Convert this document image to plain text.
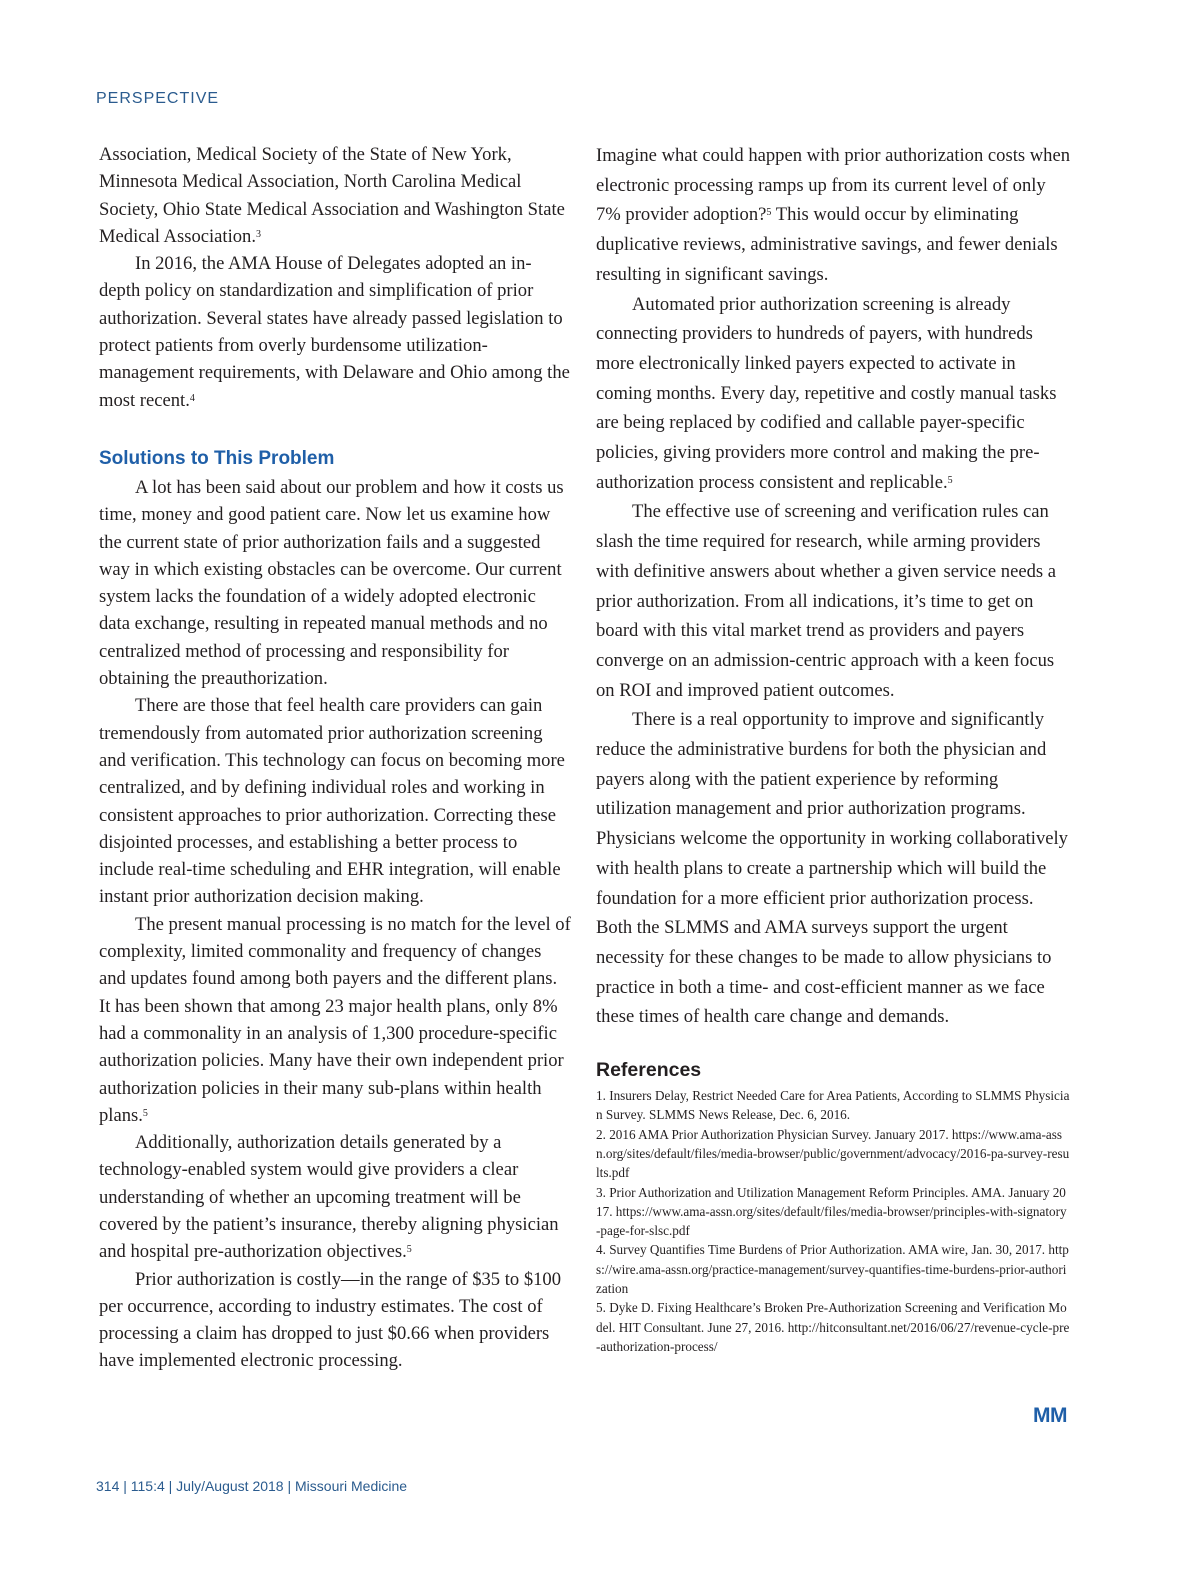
PERSPECTIVE

Association, Medical Society of the State of New York, Minnesota Medical Association, North Carolina Medical Society, Ohio State Medical Association and Washington State Medical Association.$^3$

In 2016, the AMA House of Delegates adopted an in-depth policy on standardization and simplification of prior authorization. Several states have already passed legislation to protect patients from overly burdensome utilization-management requirements, with Delaware and Ohio among the most recent.$^4$

Solutions to This Problem

A lot has been said about our problem and how it costs us time, money and good patient care. Now let us examine how the current state of prior authorization fails and a suggested way in which existing obstacles can be overcome. Our current system lacks the foundation of a widely adopted electronic data exchange, resulting in repeated manual methods and no centralized method of processing and responsibility for obtaining the preauthorization.

There are those that feel health care providers can gain tremendously from automated prior authorization screening and verification. This technology can focus on becoming more centralized, and by defining individual roles and working in consistent approaches to prior authorization. Correcting these disjointed processes, and establishing a better process to include real-time scheduling and EHR integration, will enable instant prior authorization decision making.

The present manual processing is no match for the level of complexity, limited commonality and frequency of changes and updates found among both payers and the different plans. It has been shown that among 23 major health plans, only 8% had a commonality in an analysis of 1,300 procedure-specific authorization policies. Many have their own independent prior authorization policies in their many sub-plans within health plans.$^5$

Additionally, authorization details generated by a technology-enabled system would give providers a clear understanding of whether an upcoming treatment will be covered by the patient’s insurance, thereby aligning physician and hospital pre-authorization objectives.$^5$

Prior authorization is costly—in the range of $35 to $100 per occurrence, according to industry estimates. The cost of processing a claim has dropped to just $0.66 when providers have implemented electronic processing.

Imagine what could happen with prior authorization costs when electronic processing ramps up from its current level of only 7% provider adoption?$^5$ This would occur by eliminating duplicative reviews, administrative savings, and fewer denials resulting in significant savings.

Automated prior authorization screening is already connecting providers to hundreds of payers, with hundreds more electronically linked payers expected to activate in coming months. Every day, repetitive and costly manual tasks are being replaced by codified and callable payer-specific policies, giving providers more control and making the pre-authorization process consistent and replicable.$^5$

The effective use of screening and verification rules can slash the time required for research, while arming providers with definitive answers about whether a given service needs a prior authorization. From all indications, it’s time to get on board with this vital market trend as providers and payers converge on an admission-centric approach with a keen focus on ROI and improved patient outcomes.

There is a real opportunity to improve and significantly reduce the administrative burdens for both the physician and payers along with the patient experience by reforming utilization management and prior authorization programs. Physicians welcome the opportunity in working collaboratively with health plans to create a partnership which will build the foundation for a more efficient prior authorization process. Both the SLMMS and AMA surveys support the urgent necessity for these changes to be made to allow physicians to practice in both a time- and cost-efficient manner as we face these times of health care change and demands.

References
1. Insurers Delay, Restrict Needed Care for Area Patients, According to SLMMS Physician Survey. SLMMS News Release, Dec. 6, 2016.
2. 2016 AMA Prior Authorization Physician Survey. January 2017. https://www.ama-assn.org/sites/default/files/media-browser/public/government/advocacy/2016-pa-survey-results.pdf
3. Prior Authorization and Utilization Management Reform Principles. AMA. January 2017. https://www.ama-assn.org/sites/default/files/media-browser/principles-with-signatory-page-for-slsc.pdf
4. Survey Quantifies Time Burdens of Prior Authorization. AMA wire, Jan. 30, 2017. https://wire.ama-assn.org/practice-management/survey-quantifies-time-burdens-prior-authorization
5. Dyke D. Fixing Healthcare’s Broken Pre-Authorization Screening and Verification Model. HIT Consultant. June 27, 2016. http://hitconsultant.net/2016/06/27/revenue-cycle-pre-authorization-process/
MM
314 | 115:4 | July/August 2018 | Missouri Medicine
